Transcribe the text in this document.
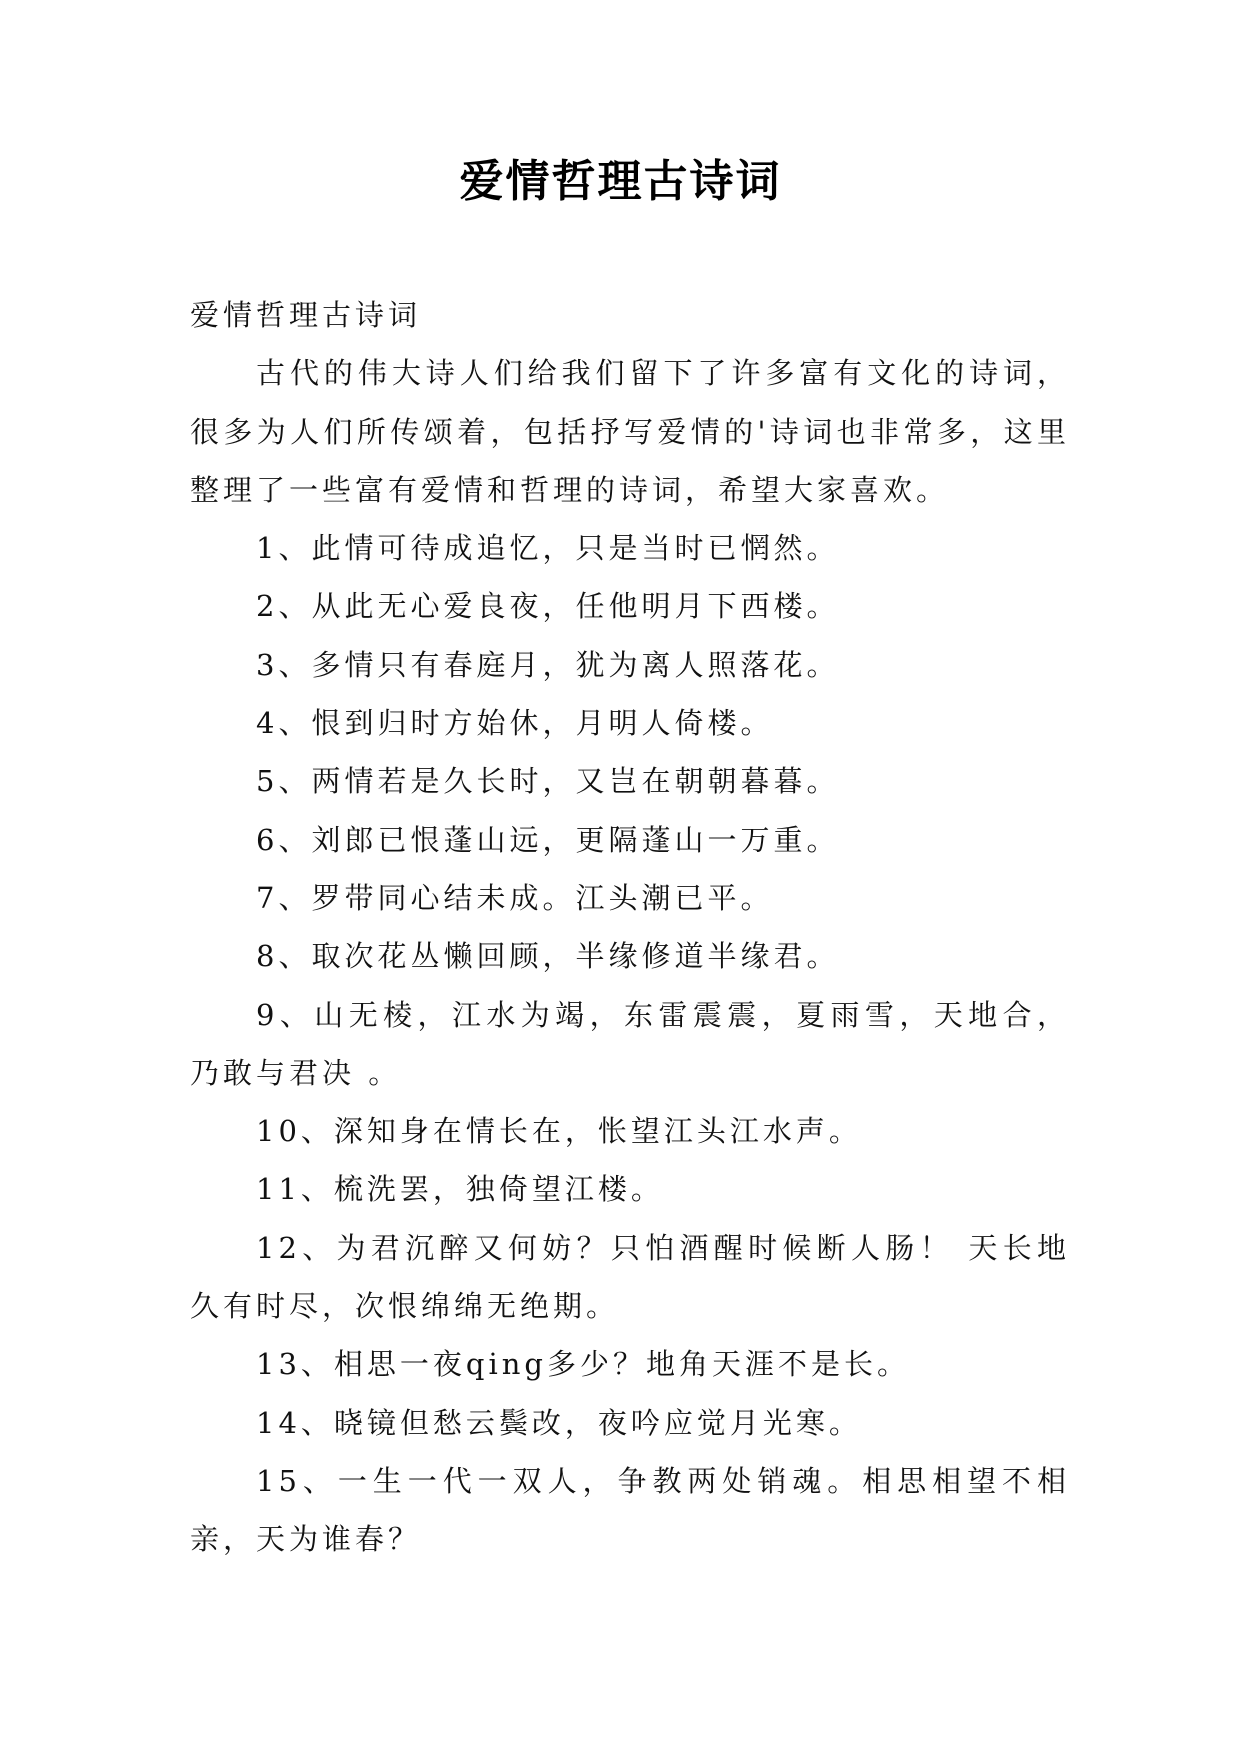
爱情哲理古诗词

爱情哲理古诗词

古代的伟大诗人们给我们留下了许多富有文化的诗词，很多为人们所传颂着，包括抒写爱情的'诗词也非常多，这里整理了一些富有爱情和哲理的诗词，希望大家喜欢。

1、此情可待成追忆，只是当时已惘然。

2、从此无心爱良夜，任他明月下西楼。

3、多情只有春庭月，犹为离人照落花。

4、恨到归时方始休，月明人倚楼。

5、两情若是久长时，又岂在朝朝暮暮。

6、刘郎已恨蓬山远，更隔蓬山一万重。

7、罗带同心结未成。江头潮已平。

8、取次花丛懒回顾，半缘修道半缘君。

9、山无棱，江水为竭，东雷震震，夏雨雪，天地合，乃敢与君决 。

10、深知身在情长在，怅望江头江水声。

11、梳洗罢，独倚望江楼。

12、为君沉醉又何妨？只怕酒醒时候断人肠！ 天长地久有时尽，次恨绵绵无绝期。

13、相思一夜qing多少？地角天涯不是长。

14、晓镜但愁云鬓改，夜吟应觉月光寒。

15、一生一代一双人，争教两处销魂。相思相望不相亲，天为谁春？
